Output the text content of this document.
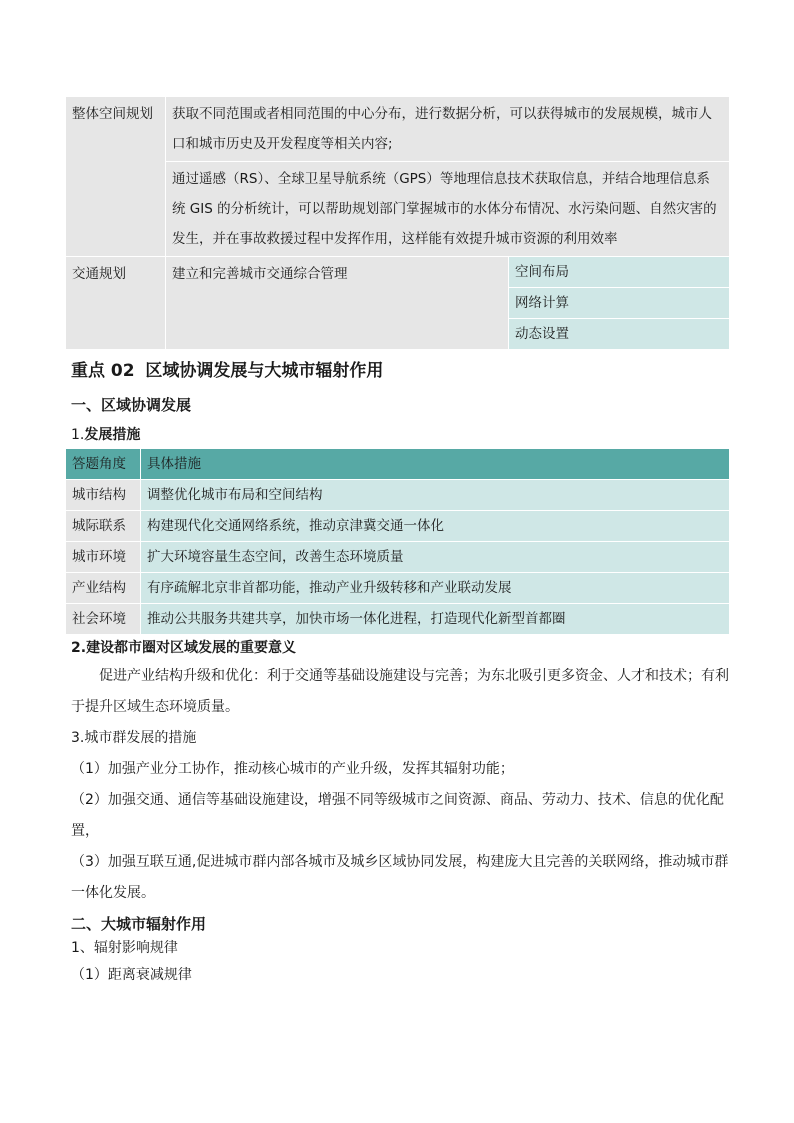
整体空间规划	获取不同范围或者相同范围的中心分布，进行数据分析，可以获得城市的发展规模，城市人口和城市历史及开发程度等相关内容;	
	通过遥感（RS）、全球卫星导航系统（GPS）等地理信息技术获取信息，并结合地理信息系统 GIS 的分析统计，可以帮助规划部门掌握城市的水体分布情况、水污染问题、自然灾害的发生，并在事故救援过程中发挥作用，这样能有效提升城市资源的利用效率	
交通规划	建立和完善城市交通综合管理	空间布局
		网络计算
		动态设置
重点 02 区域协调发展与大城市辐射作用
一、区域协调发展
1.发展措施
答题角度	具体措施
城市结构	调整优化城市布局和空间结构
城际联系	构建现代化交通网络系统，推动京津冀交通一体化
城市环境	扩大环境容量生态空间，改善生态环境质量
产业结构	有序疏解北京非首都功能，推动产业升级转移和产业联动发展
社会环境	推动公共服务共建共享，加快市场一体化进程，打造现代化新型首都圈
2.建设都市圈对区域发展的重要意义

促进产业结构升级和优化：利于交通等基础设施建设与完善；为东北吸引更多资金、人才和技术；有利于提升区域生态环境质量。

3.城市群发展的措施

（1）加强产业分工协作，推动核心城市的产业升级，发挥其辐射功能；

（2）加强交通、通信等基础设施建设，增强不同等级城市之间资源、商品、劳动力、技术、信息的优化配置，

（3）加强互联互通,促进城市群内部各城市及城乡区域协同发展，构建庞大且完善的关联网络，推动城市群一体化发展。

二、大城市辐射作用
1、辐射影响规律
（1）距离衰减规律
